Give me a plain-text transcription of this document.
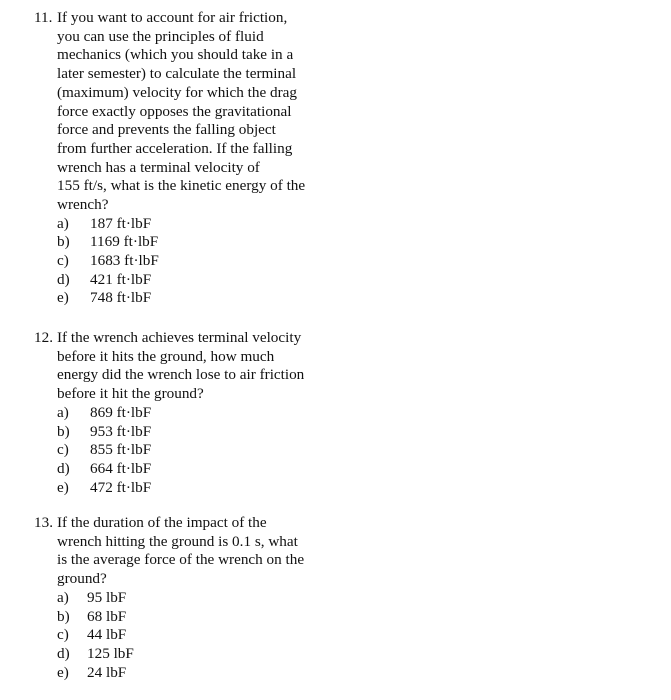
11. If you want to account for air friction,
you can use the principles of fluid
mechanics (which you should take in a
later semester) to calculate the terminal
(maximum) velocity for which the drag
force exactly opposes the gravitational
force and prevents the falling object
from further acceleration. If the falling
wrench has a terminal velocity of
155 ft/s, what is the kinetic energy of the
wrench?
a)	187 ft·lbF
b)	1169 ft·lbF
c)	1683 ft·lbF
d)	421 ft·lbF
e)	748 ft·lbF
12. If the wrench achieves terminal velocity
before it hits the ground, how much
energy did the wrench lose to air friction
before it hit the ground?
a)	869 ft·lbF
b)	953 ft·lbF
c)	855 ft·lbF
d)	664 ft·lbF
e)	472 ft·lbF
13. If the duration of the impact of the
wrench hitting the ground is 0.1 s, what
is the average force of the wrench on the
ground?
a)	95 lbF
b)	68 lbF
c)	44 lbF
d)	125 lbF
e)	24 lbF
